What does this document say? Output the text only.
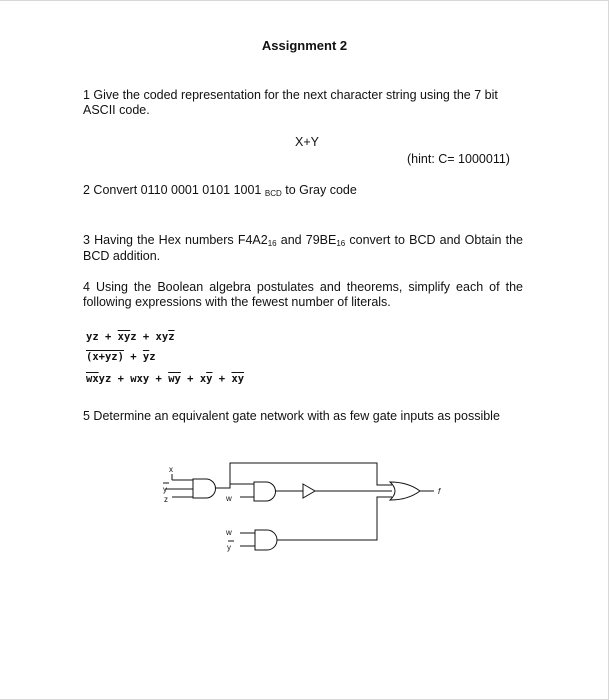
Assignment 2
1 Give the coded representation for the next character string using the 7 bit ASCII code.
X+Y
(hint: C= 1000011)
2 Convert 0110 0001 0101 1001 BCD to Gray code
3 Having the Hex numbers F4A216 and 79BE16 convert to BCD and Obtain the BCD addition.
4 Using the Boolean algebra postulates and theorems, simplify each of the following expressions with the fewest number of literals.
yz + $\overline{x}\overline{y}z + xy\overline{z}$
$(x+yz) + \overline{y}z$
$\overline{w}\overline{x}yz$ + wxy + $\overline{w}\overline{y} + x\overline{y} + \overline{x}\overline{y}$
5 Determine an equivalent gate network with as few gate inputs as possible
x
y
z	w
w
y
f
